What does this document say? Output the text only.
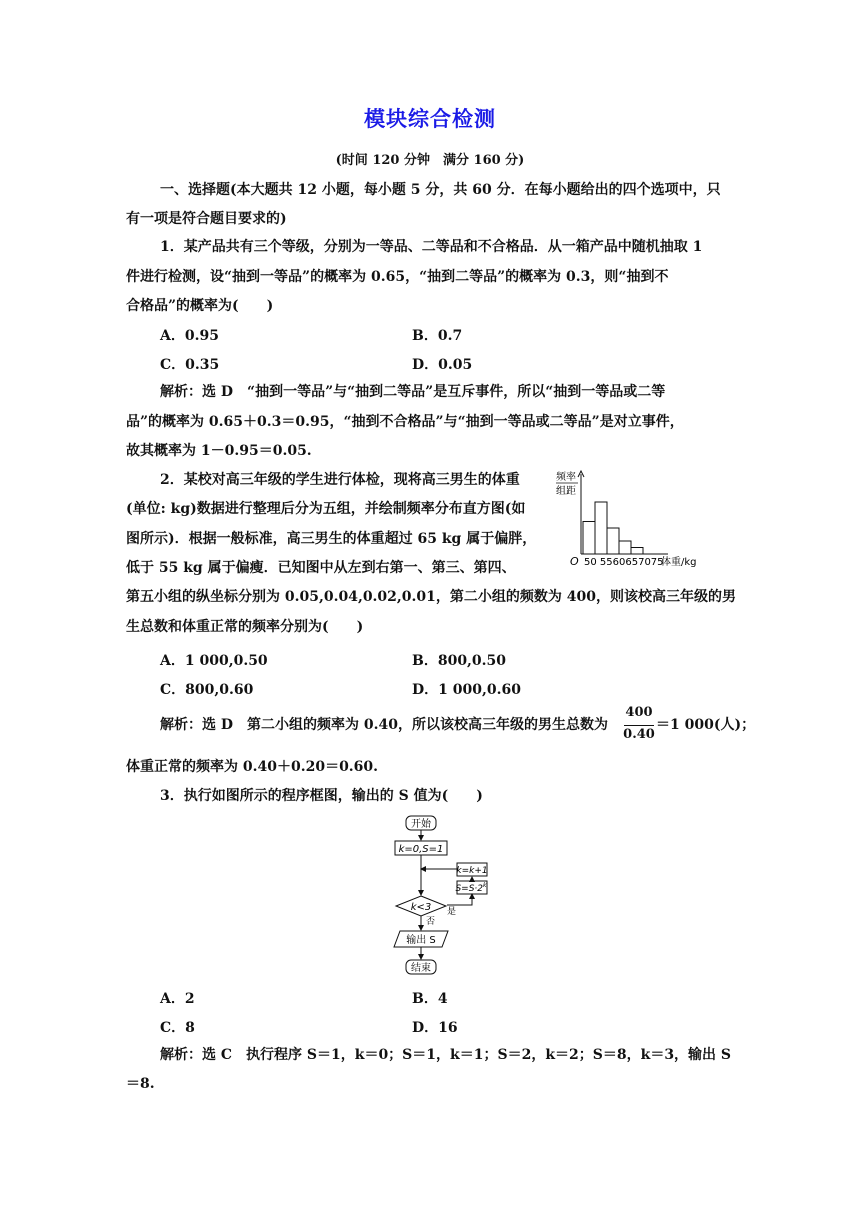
模块综合检测
(时间 120 分钟　满分 160 分)
一、选择题(本大题共 12 小题，每小题 5 分，共 60 分．在每小题给出的四个选项中，只
有一项是符合题目要求的)
1．某产品共有三个等级，分别为一等品、二等品和不合格品．从一箱产品中随机抽取 1
件进行检测，设“抽到一等品”的概率为 0.65，“抽到二等品”的概率为 0.3，则“抽到不
合格品”的概率为(　　)
A．0.95	B．0.7
C．0.35	D．0.05
解析：选 D　“抽到一等品”与“抽到二等品”是互斥事件，所以“抽到一等品或二等
品”的概率为 0.65＋0.3＝0.95，“抽到不合格品”与“抽到一等品或二等品”是对立事件，
故其概率为 1－0.95＝0.05.
2．某校对高三年级的学生进行体检，现将高三男生的体重
(单位: kg)数据进行整理后分为五组，并绘制频率分布直方图(如
图所示)．根据一般标准，高三男生的体重超过 65 kg 属于偏胖，
低于 55 kg 属于偏瘦．已知图中从左到右第一、第三、第四、
第五小组的纵坐标分别为 0.05,0.04,0.02,0.01，第二小组的频数为 400，则该校高三年级的男
生总数和体重正常的频率分别为(　　)
频率
组距
O 50 5560657075
体重/kg
A．1 000,0.50	B．800,0.50
C．800,0.60	D．1 000,0.60
解析：选 D　第二小组的频率为 0.40，所以该校高三年级的男生总数为
400
0.40
＝1 000(人)；
体重正常的频率为 0.40＋0.20＝0.60.
3．执行如图所示的程序框图，输出的 S 值为(　　)
开始
k=0,S=1
k=k+1
$S=S\cdot 2^k$
k<3 是
否
输出 S
结束
A．2	B．4
C．8	D．16
解析：选 C　执行程序 S＝1，k＝0；S＝1，k＝1；S＝2，k＝2；S＝8，k＝3，输出 S
＝8.
